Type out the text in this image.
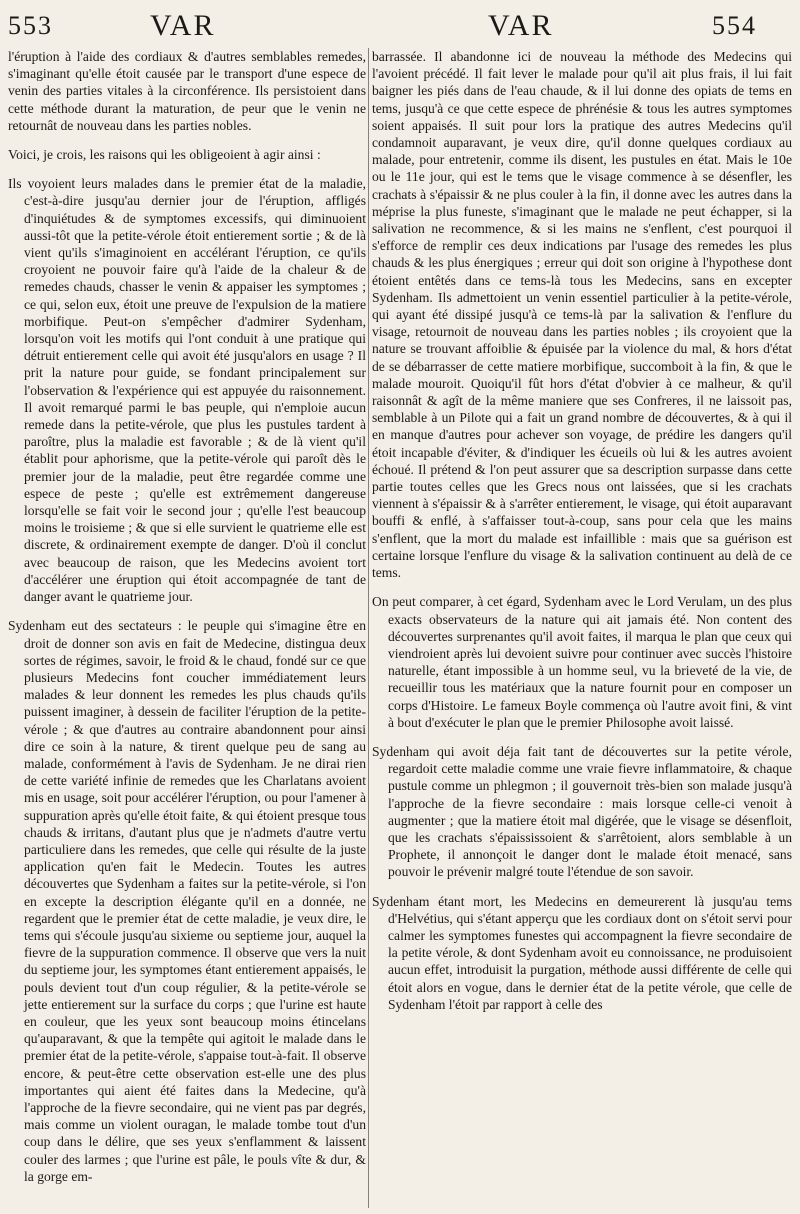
553	VAR	VAR	554

l'éruption à l'aide des cordiaux & d'autres semblables remedes, s'imaginant qu'elle étoit causée par le transport d'une espece de venin des parties vitales à la circonférence. Ils persistoient dans cette méthode durant la maturation, de peur que le venin ne retournât de nouveau dans les parties nobles.

Voici, je crois, les raisons qui les obligeoient à agir ainsi :

Ils voyoient leurs malades dans le premier état de la maladie, c'est-à-dire jusqu'au dernier jour de l'éruption, affligés d'inquiétudes & de symptomes excessifs, qui diminuoient aussi-tôt que la petite-vérole étoit entierement sortie ; & de là vient qu'ils s'imaginoient en accélérant l'éruption, ce qu'ils croyoient ne pouvoir faire qu'à l'aide de la chaleur & de remedes chauds, chasser le venin & appaiser les symptomes ; ce qui, selon eux, étoit une preuve de l'expulsion de la matiere morbifique. Peut-on s'empêcher d'admirer Sydenham, lorsqu'on voit les motifs qui l'ont conduit à une pratique qui détruit entierement celle qui avoit été jusqu'alors en usage ? Il prit la nature pour guide, se fondant principalement sur l'observation & l'expérience qui est appuyée du raisonnement. Il avoit remarqué parmi le bas peuple, qui n'emploie aucun remede dans la petite-vérole, que plus les pustules tardent à paroître, plus la maladie est favorable ; & de là vient qu'il établit pour aphorisme, que la petite-vérole qui paroît dès le premier jour de la maladie, peut être regardée comme une espece de peste ; qu'elle est extrêmement dangereuse lorsqu'elle se fait voir le second jour ; qu'elle l'est beaucoup moins le troisieme ; & que si elle survient le quatrieme elle est discrete, & ordinairement exempte de danger. D'où il conclut avec beaucoup de raison, que les Medecins avoient tort d'accélérer une éruption qui étoit accompagnée de tant de danger avant le quatrieme jour.

Sydenham eut des sectateurs : le peuple qui s'imagine être en droit de donner son avis en fait de Medecine, distingua deux sortes de régimes, savoir, le froid & le chaud, fondé sur ce que plusieurs Medecins font coucher immédiatement leurs malades & leur donnent les remedes les plus chauds qu'ils puissent imaginer, à dessein de faciliter l'éruption de la petite-vérole ; & que d'autres au contraire abandonnent pour ainsi dire ce soin à la nature, & tirent quelque peu de sang au malade, conformément à l'avis de Sydenham. Je ne dirai rien de cette variété infinie de remedes que les Charlatans avoient mis en usage, soit pour accélérer l'éruption, ou pour l'amener à suppuration après qu'elle étoit faite, & qui étoient presque tous chauds & irritans, d'autant plus que je n'admets d'autre vertu particuliere dans les remedes, que celle qui résulte de la juste application qu'en fait le Medecin. Toutes les autres découvertes que Sydenham a faites sur la petite-vérole, si l'on en excepte la description élégante qu'il en a donnée, ne regardent que le premier état de cette maladie, je veux dire, le tems qui s'écoule jusqu'au sixieme ou septieme jour, auquel la fievre de la suppuration commence. Il observe que vers la nuit du septieme jour, les symptomes étant entierement appaisés, le pouls devient tout d'un coup régulier, & la petite-vérole se jette entierement sur la surface du corps ; que l'urine est haute en couleur, que les yeux sont beaucoup moins étincelans qu'auparavant, & que la tempête qui agitoit le malade dans le premier état de la petite-vérole, s'appaise tout-à-fait. Il observe encore, & peut-être cette observation est-elle une des plus importantes qui aient été faites dans la Medecine, qu'à l'approche de la fievre secondaire, qui ne vient pas par degrés, mais comme un violent ouragan, le malade tombe tout d'un coup dans le délire, que ses yeux s'enflamment & laissent couler des larmes ; que l'urine est pâle, le pouls vîte & dur, & la gorge em-

barrassée. Il abandonne ici de nouveau la méthode des Medecins qui l'avoient précédé. Il fait lever le malade pour qu'il ait plus frais, il lui fait baigner les piés dans de l'eau chaude, & il lui donne des opiats de tems en tems, jusqu'à ce que cette espece de phrénésie & tous les autres symptomes soient appaisés. Il suit pour lors la pratique des autres Medecins qu'il condamnoit auparavant, je veux dire, qu'il donne quelques cordiaux au malade, pour entretenir, comme ils disent, les pustules en état. Mais le 10e ou le 11e jour, qui est le tems que le visage commence à se désenfler, les crachats à s'épaissir & ne plus couler à la fin, il donne avec les autres dans la méprise la plus funeste, s'imaginant que le malade ne peut échapper, si la salivation ne recommence, & si les mains ne s'enflent, c'est pourquoi il s'efforce de remplir ces deux indications par l'usage des remedes les plus chauds & les plus énergiques ; erreur qui doit son origine à l'hypothese dont étoient entêtés dans ce tems-là tous les Medecins, sans en excepter Sydenham. Ils admettoient un venin essentiel particulier à la petite-vérole, qui ayant été dissipé jusqu'à ce tems-là par la salivation & l'enflure du visage, retournoit de nouveau dans les parties nobles ; ils croyoient que la nature se trouvant affoiblie & épuisée par la violence du mal, & hors d'état de se débarrasser de cette matiere morbifique, succomboit à la fin, & que le malade mouroit. Quoiqu'il fût hors d'état d'obvier à ce malheur, & qu'il raisonnât & agît de la même maniere que ses Confreres, il ne laissoit pas, semblable à un Pilote qui a fait un grand nombre de découvertes, & à qui il en manque d'autres pour achever son voyage, de prédire les dangers qu'il étoit incapable d'éviter, & d'indiquer les écueils où lui & les autres avoient échoué. Il prétend & l'on peut assurer que sa description surpasse dans cette partie toutes celles que les Grecs nous ont laissées, que si les crachats viennent à s'épaissir & à s'arrêter entierement, le visage, qui étoit auparavant bouffi & enflé, à s'affaisser tout-à-coup, sans pour cela que les mains s'enflent, que la mort du malade est infaillible : mais que sa guérison est certaine lorsque l'enflure du visage & la salivation continuent au delà de ce tems.

On peut comparer, à cet égard, Sydenham avec le Lord Verulam, un des plus exacts observateurs de la nature qui ait jamais été. Non content des découvertes surprenantes qu'il avoit faites, il marqua le plan que ceux qui viendroient après lui devoient suivre pour continuer avec succès l'histoire naturelle, étant impossible à un homme seul, vu la brieveté de la vie, de recueillir tous les matériaux que la nature fournit pour en composer un corps d'Histoire. Le fameux Boyle commença où l'autre avoit fini, & vint à bout d'exécuter le plan que le premier Philosophe avoit laissé.

Sydenham qui avoit déja fait tant de découvertes sur la petite vérole, regardoit cette maladie comme une vraie fievre inflammatoire, & chaque pustule comme un phlegmon ; il gouvernoit très-bien son malade jusqu'à l'approche de la fievre secondaire : mais lorsque celle-ci venoit à augmenter ; que la matiere étoit mal digérée, que le visage se désenfloit, que les crachats s'épaississoient & s'arrêtoient, alors semblable à un Prophete, il annonçoit le danger dont le malade étoit menacé, sans pouvoir le prévenir malgré toute l'étendue de son savoir.

Sydenham étant mort, les Medecins en demeurerent là jusqu'au tems d'Helvétius, qui s'étant apperçu que les cordiaux dont on s'étoit servi pour calmer les symptomes funestes qui accompagnent la fievre secondaire de la petite vérole, & dont Sydenham avoit eu connoissance, ne produisoient aucun effet, introduisit la purgation, méthode aussi différente de celle qui étoit alors en vogue, dans le dernier état de la petite vérole, que celle de Sydenham l'étoit par rapport à celle des
